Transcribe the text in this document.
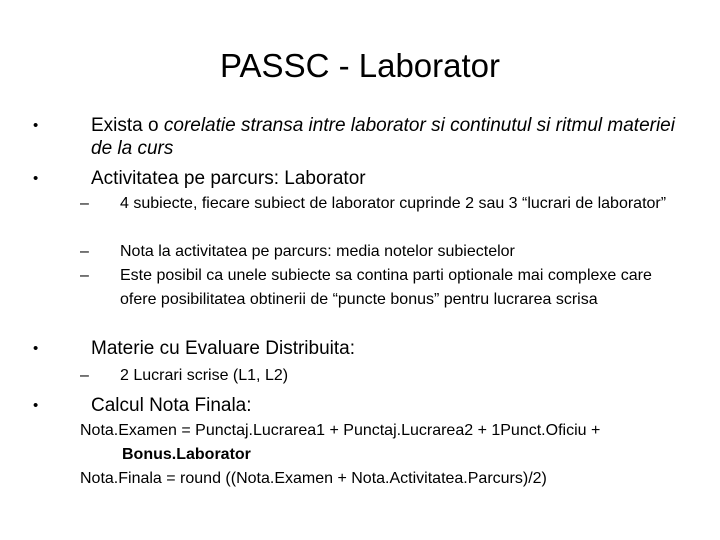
PASSC - Laborator
•	Exista o corelatie stransa intre laborator si continutul si ritmul materiei de la curs
•	Activitatea pe parcurs: Laborator
– 4 subiecte, fiecare subiect de laborator cuprinde 2 sau 3 “lucrari de laborator”
– Nota la activitatea pe parcurs: media notelor subiectelor
– Este posibil ca unele subiecte sa contina parti optionale mai complexe care ofere posibilitatea obtinerii de “puncte bonus” pentru lucrarea scrisa
•	Materie cu Evaluare Distribuita:
– 2 Lucrari scrise (L1, L2)
•	Calcul Nota Finala:
Nota.Examen = Punctaj.Lucrarea1 + Punctaj.Lucrarea2 + 1Punct.Oficiu +
Bonus.Laborator
Nota.Finala = round ((Nota.Examen + Nota.Activitatea.Parcurs)/2)
